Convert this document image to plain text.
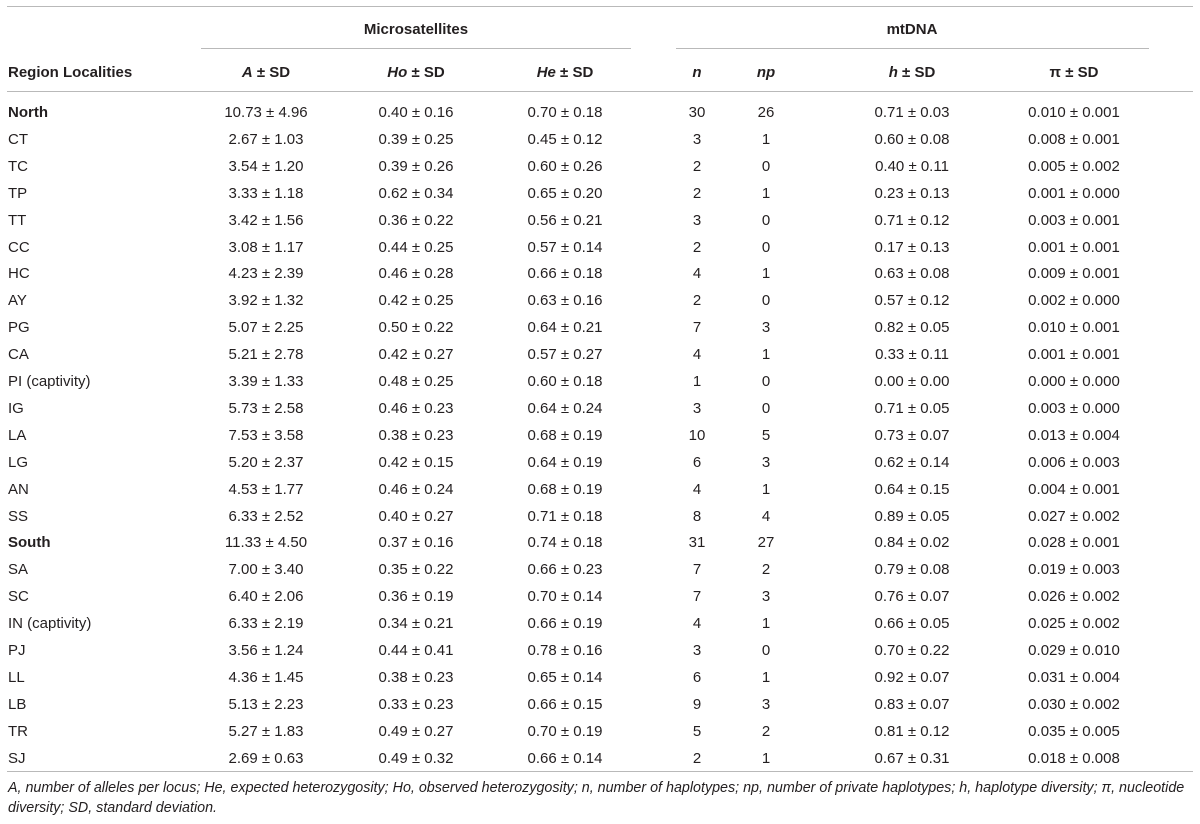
Microsatellites	mtDNA
Region Localities	A ± SD	Ho ± SD	He ± SD	n	np	h ± SD	π ± SD
North	10.73 ± 4.96	0.40 ± 0.16	0.70 ± 0.18	30	26	0.71 ± 0.03	0.010 ± 0.001
CT	2.67 ± 1.03	0.39 ± 0.25	0.45 ± 0.12	3	1	0.60 ± 0.08	0.008 ± 0.001
TC	3.54 ± 1.20	0.39 ± 0.26	0.60 ± 0.26	2	0	0.40 ± 0.11	0.005 ± 0.002
TP	3.33 ± 1.18	0.62 ± 0.34	0.65 ± 0.20	2	1	0.23 ± 0.13	0.001 ± 0.000
TT	3.42 ± 1.56	0.36 ± 0.22	0.56 ± 0.21	3	0	0.71 ± 0.12	0.003 ± 0.001
CC	3.08 ± 1.17	0.44 ± 0.25	0.57 ± 0.14	2	0	0.17 ± 0.13	0.001 ± 0.001
HC	4.23 ± 2.39	0.46 ± 0.28	0.66 ± 0.18	4	1	0.63 ± 0.08	0.009 ± 0.001
AY	3.92 ± 1.32	0.42 ± 0.25	0.63 ± 0.16	2	0	0.57 ± 0.12	0.002 ± 0.000
PG	5.07 ± 2.25	0.50 ± 0.22	0.64 ± 0.21	7	3	0.82 ± 0.05	0.010 ± 0.001
CA	5.21 ± 2.78	0.42 ± 0.27	0.57 ± 0.27	4	1	0.33 ± 0.11	0.001 ± 0.001
PI (captivity)	3.39 ± 1.33	0.48 ± 0.25	0.60 ± 0.18	1	0	0.00 ± 0.00	0.000 ± 0.000
IG	5.73 ± 2.58	0.46 ± 0.23	0.64 ± 0.24	3	0	0.71 ± 0.05	0.003 ± 0.000
LA	7.53 ± 3.58	0.38 ± 0.23	0.68 ± 0.19	10	5	0.73 ± 0.07	0.013 ± 0.004
LG	5.20 ± 2.37	0.42 ± 0.15	0.64 ± 0.19	6	3	0.62 ± 0.14	0.006 ± 0.003
AN	4.53 ± 1.77	0.46 ± 0.24	0.68 ± 0.19	4	1	0.64 ± 0.15	0.004 ± 0.001
SS	6.33 ± 2.52	0.40 ± 0.27	0.71 ± 0.18	8	4	0.89 ± 0.05	0.027 ± 0.002
South	11.33 ± 4.50	0.37 ± 0.16	0.74 ± 0.18	31	27	0.84 ± 0.02	0.028 ± 0.001
SA	7.00 ± 3.40	0.35 ± 0.22	0.66 ± 0.23	7	2	0.79 ± 0.08	0.019 ± 0.003
SC	6.40 ± 2.06	0.36 ± 0.19	0.70 ± 0.14	7	3	0.76 ± 0.07	0.026 ± 0.002
IN (captivity)	6.33 ± 2.19	0.34 ± 0.21	0.66 ± 0.19	4	1	0.66 ± 0.05	0.025 ± 0.002
PJ	3.56 ± 1.24	0.44 ± 0.41	0.78 ± 0.16	3	0	0.70 ± 0.22	0.029 ± 0.010
LL	4.36 ± 1.45	0.38 ± 0.23	0.65 ± 0.14	6	1	0.92 ± 0.07	0.031 ± 0.004
LB	5.13 ± 2.23	0.33 ± 0.23	0.66 ± 0.15	9	3	0.83 ± 0.07	0.030 ± 0.002
TR	5.27 ± 1.83	0.49 ± 0.27	0.70 ± 0.19	5	2	0.81 ± 0.12	0.035 ± 0.005
SJ	2.69 ± 0.63	0.49 ± 0.32	0.66 ± 0.14	2	1	0.67 ± 0.31	0.018 ± 0.008
A, number of alleles per locus; He, expected heterozygosity; Ho, observed heterozygosity; n, number of haplotypes; np, number of private haplotypes; h, haplotype diversity; π, nucleotide diversity; SD, standard deviation.
